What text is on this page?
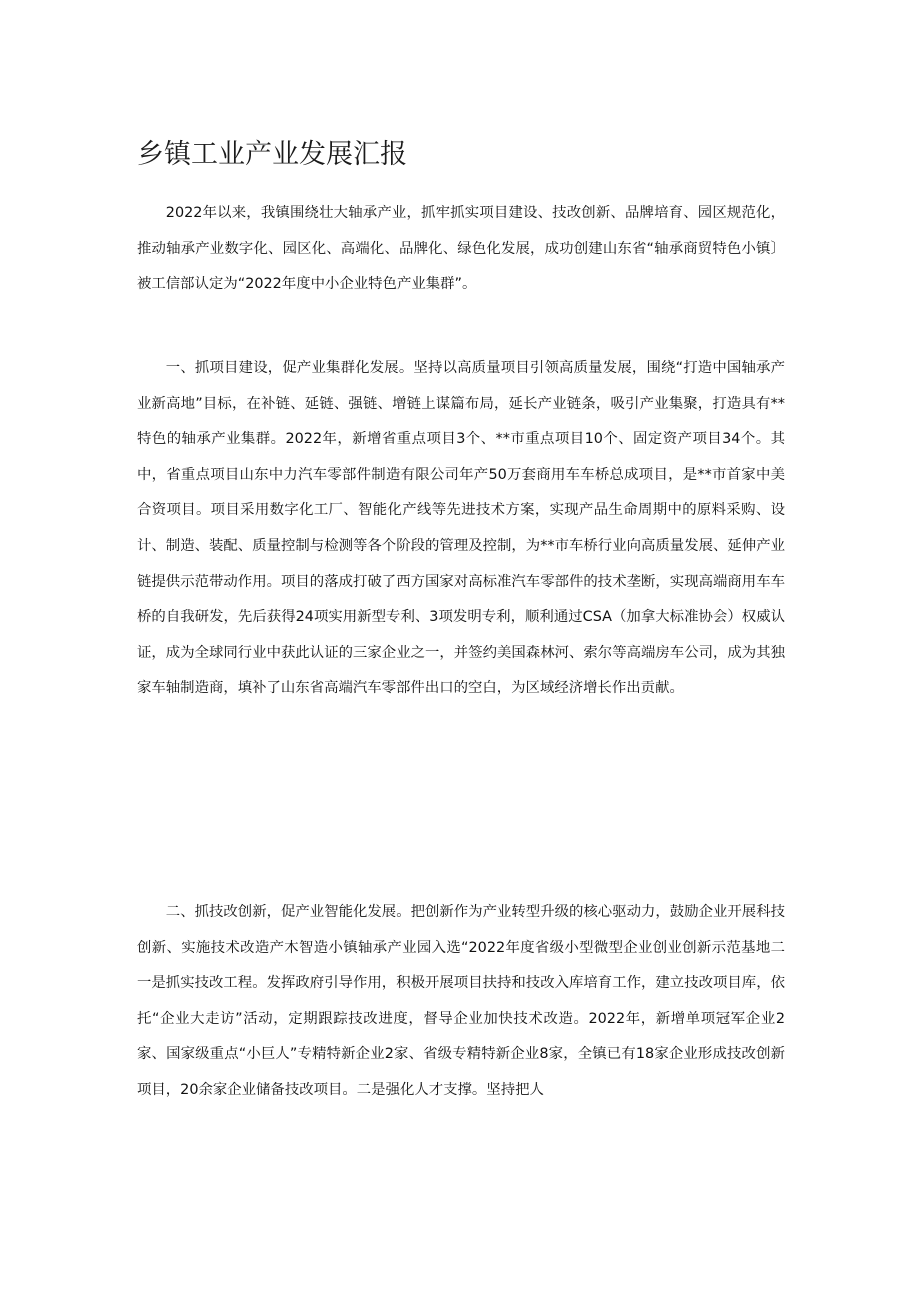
乡镇工业产业发展汇报

2022年以来，我镇围绕壮大轴承产业，抓牢抓实项目建设、技改创新、品牌培育、园区规范化，推动轴承产业数字化、园区化、高端化、品牌化、绿色化发展，成功创建山东省“轴承商贸特色小镇〕被工信部认定为“2022年度中小企业特色产业集群”。

一、抓项目建设，促产业集群化发展。坚持以高质量项目引领高质量发展，围绕“打造中国轴承产业新高地”目标，在补链、延链、强链、增链上谋篇布局，延长产业链条，吸引产业集聚，打造具有**特色的轴承产业集群。2022年，新增省重点项目3个、**市重点项目10个、固定资产项目34个。其中，省重点项目山东中力汽车零部件制造有限公司年产50万套商用车车桥总成项目，是**市首家中美合资项目。项目采用数字化工厂、智能化产线等先进技术方案，实现产品生命周期中的原料采购、设计、制造、装配、质量控制与检测等各个阶段的管理及控制，为**市车桥行业向高质量发展、延伸产业链提供示范带动作用。项目的落成打破了西方国家对高标准汽车零部件的技术垄断，实现高端商用车车桥的自我研发，先后获得24项实用新型专利、3项发明专利，顺利通过CSA（加拿大标准协会）权威认证，成为全球同行业中获此认证的三家企业之一，并签约美国森林河、索尔等高端房车公司，成为其独家车轴制造商，填补了山东省高端汽车零部件出口的空白，为区域经济增长作出贡献。

二、抓技改创新，促产业智能化发展。把创新作为产业转型升级的核心驱动力，鼓励企业开展科技创新、实施技术改造产木智造小镇轴承产业园入选“2022年度省级小型微型企业创业创新示范基地二一是抓实技改工程。发挥政府引导作用，积极开展项目扶持和技改入库培育工作，建立技改项目库，依托“企业大走访”活动，定期跟踪技改进度，督导企业加快技术改造。2022年，新增单项冠军企业2家、国家级重点“小巨人”专精特新企业2家、省级专精特新企业8家，全镇已有18家企业形成技改创新项目，20余家企业储备技改项目。二是强化人才支撑。坚持把人
